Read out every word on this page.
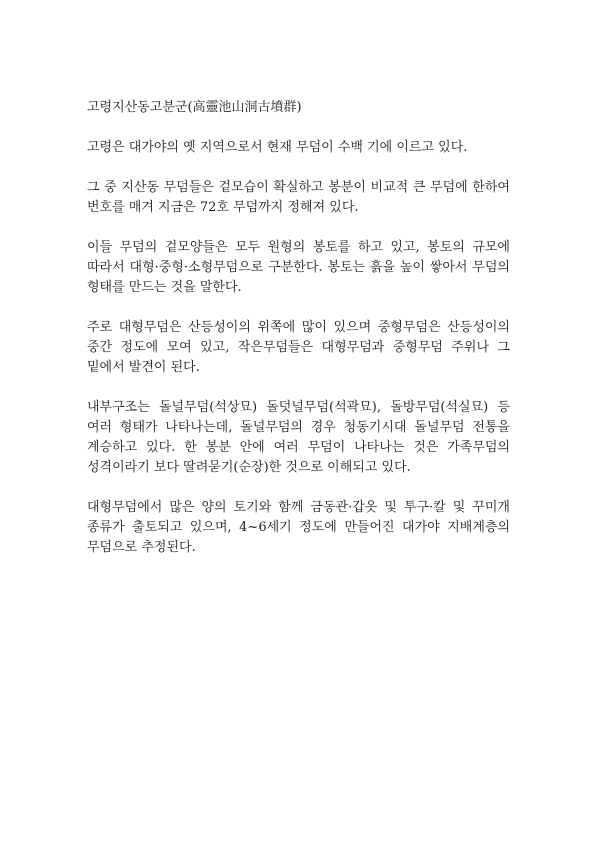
고령지산동고분군(高靈池山洞古墳群)

고령은 대가야의 옛 지역으로서 현재 무덤이 수백 기에 이르고 있다.

그 중 지산동 무덤들은 겉모습이 확실하고 봉분이 비교적 큰 무덤에 한하여 번호를 매겨 지금은 72호 무덤까지 정해져 있다.

이들 무덤의 겉모양들은 모두 원형의 봉토를 하고 있고, 봉토의 규모에 따라서 대형·중형·소형무덤으로 구분한다. 봉토는 흙을 높이 쌓아서 무덤의 형태를 만드는 것을 말한다.

주로 대형무덤은 산등성이의 위쪽에 많이 있으며 중형무덤은 산등성이의 중간 정도에 모여 있고, 작은무덤들은 대형무덤과 중형무덤 주위나 그 밑에서 발견이 된다.

내부구조는 돌널무덤(석상묘) 돌덧널무덤(석곽묘), 돌방무덤(석실묘) 등 여러 형태가 나타나는데, 돌널무덤의 경우 청동기시대 돌널무덤 전통을 계승하고 있다. 한 봉분 안에 여러 무덤이 나타나는 것은 가족무덤의 성격이라기 보다 딸려묻기(순장)한 것으로 이해되고 있다.

대형무덤에서 많은 양의 토기와 함께 금동관·갑옷 및 투구·칼 및 꾸미개 종류가 출토되고 있으며, 4~6세기 정도에 만들어진 대가야 지배계층의 무덤으로 추정된다.
